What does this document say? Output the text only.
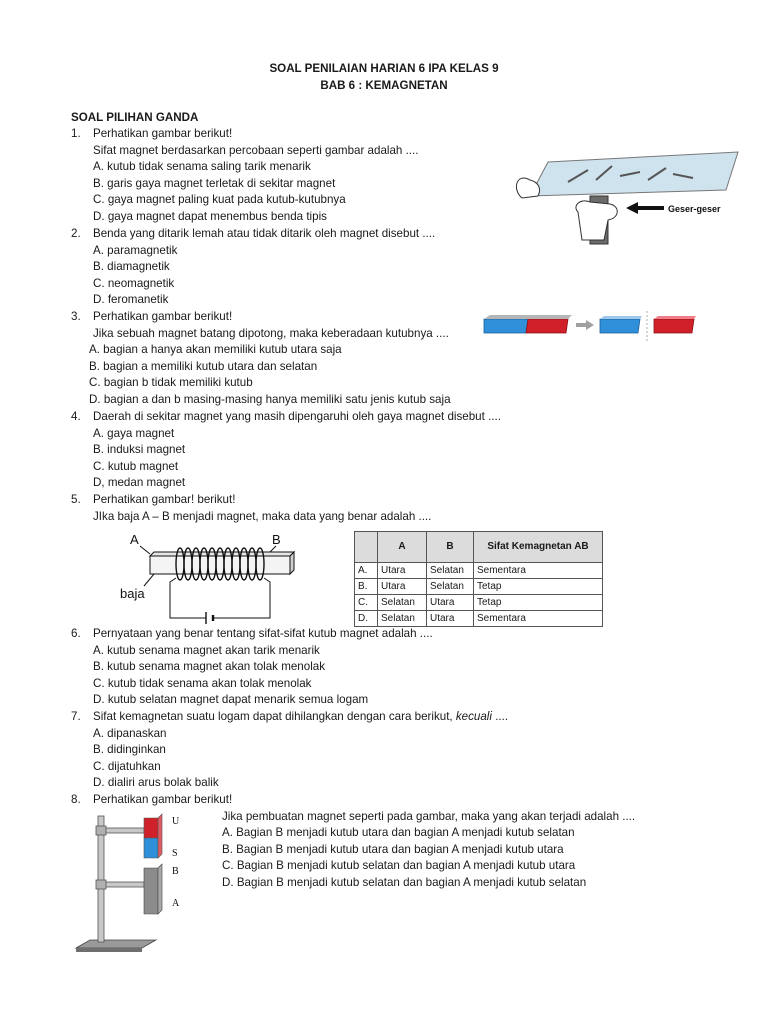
SOAL PENILAIAN HARIAN 6 IPA KELAS 9
BAB 6 : KEMAGNETAN
SOAL PILIHAN GANDA
1. Perhatikan gambar berikut!
Sifat magnet berdasarkan percobaan seperti gambar adalah ....
A. kutub tidak senama saling tarik menarik
B. garis gaya magnet terletak di sekitar magnet
C. gaya magnet paling kuat pada kutub-kutubnya
D. gaya magnet dapat menembus benda tipis
Geser-geser
2. Benda yang ditarik lemah atau tidak ditarik oleh magnet disebut ....
A. paramagnetik
B. diamagnetik
C. neomagnetik
D. feromanetik
3. Perhatikan gambar berikut!
Jika sebuah magnet batang dipotong, maka keberadaan kutubnya ....
A. bagian a hanya akan memiliki kutub utara saja
B. bagian a memiliki kutub utara dan selatan
C. bagian b tidak memiliki kutub
D. bagian a dan b masing-masing hanya memiliki satu jenis kutub saja
4. Daerah di sekitar magnet yang masih dipengaruhi oleh gaya magnet disebut ....
A. gaya magnet
B. induksi magnet
C. kutub magnet
D, medan magnet
5. Perhatikan gambar! berikut!
JIka baja A – B menjadi magnet, maka data yang benar adalah ....
A	B
baja
	A	B	Sifat Kemagnetan AB
A.	Utara	Selatan	Sementara
B.	Utara	Selatan	Tetap
C.	Selatan	Utara	Tetap
D.	Selatan	Utara	Sementara
6. Pernyataan yang benar tentang sifat-sifat kutub magnet adalah ....
A. kutub senama magnet akan tarik menarik
B. kutub senama magnet akan tolak menolak
C. kutub tidak senama akan tolak menolak
D. kutub selatan magnet dapat menarik semua logam
7. Sifat kemagnetan suatu logam dapat dihilangkan dengan cara berikut, kecuali ....
A. dipanaskan
B. didinginkan
C. dijatuhkan
D. dialiri arus bolak balik
8. Perhatikan gambar berikut!
Jika pembuatan magnet seperti pada gambar, maka yang akan terjadi adalah ....
A. Bagian B menjadi kutub utara dan bagian A menjadi kutub selatan
B. Bagian B menjadi kutub utara dan bagian A menjadi kutub utara
C. Bagian B menjadi kutub selatan dan bagian A menjadi kutub utara
D. Bagian B menjadi kutub selatan dan bagian A menjadi kutub selatan
U
S
B
A
